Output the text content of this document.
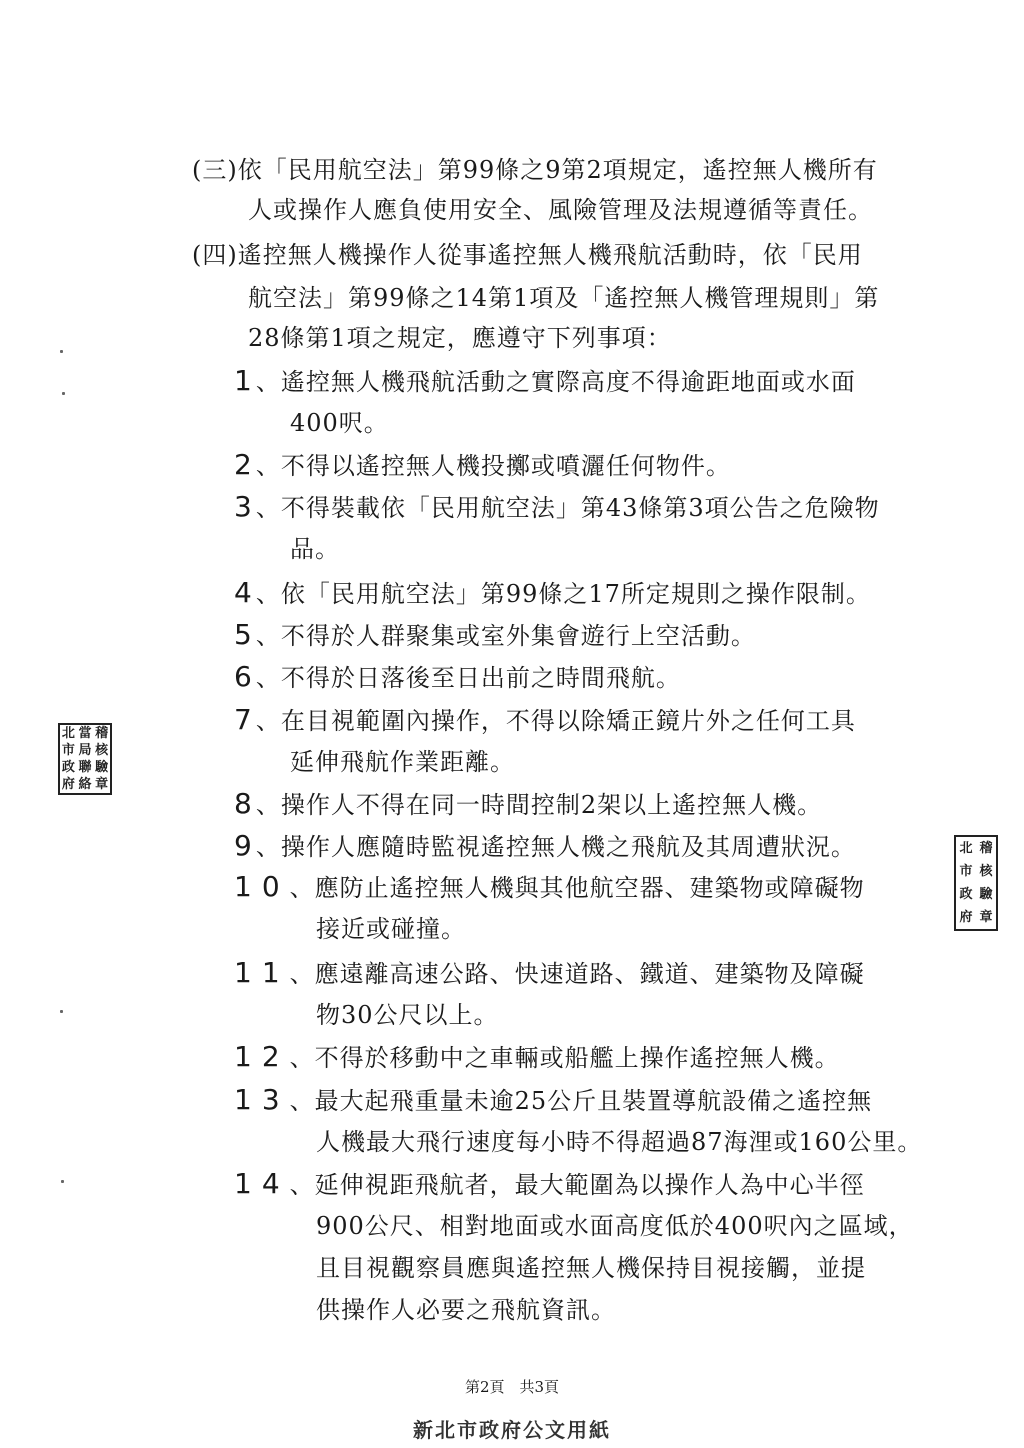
(三)依「民用航空法」第99條之9第2項規定，遙控無人機所有
人或操作人應負使用安全、風險管理及法規遵循等責任。
(四)遙控無人機操作人從事遙控無人機飛航活動時，依「民用
航空法」第99條之14第1項及「遙控無人機管理規則」第
28條第1項之規定，應遵守下列事項：
1、遙控無人機飛航活動之實際高度不得逾距地面或水面
400呎。
2、不得以遙控無人機投擲或噴灑任何物件。
3、不得裝載依「民用航空法」第43條第3項公告之危險物
品。
4、依「民用航空法」第99條之17所定規則之操作限制。
5、不得於人群聚集或室外集會遊行上空活動。
6、不得於日落後至日出前之時間飛航。
7、在目視範圍內操作，不得以除矯正鏡片外之任何工具
延伸飛航作業距離。
8、操作人不得在同一時間控制2架以上遙控無人機。
9、操作人應隨時監視遙控無人機之飛航及其周遭狀況。
10、應防止遙控無人機與其他航空器、建築物或障礙物
接近或碰撞。
11、應遠離高速公路、快速道路、鐵道、建築物及障礙
物30公尺以上。
12、不得於移動中之車輛或船艦上操作遙控無人機。
13、最大起飛重量未逾25公斤且裝置導航設備之遙控無
人機最大飛行速度每小時不得超過87海浬或160公里。
14、延伸視距飛航者，最大範圍為以操作人為中心半徑
900公尺、相對地面或水面高度低於400呎內之區域，
且目視觀察員應與遙控無人機保持目視接觸，並提
供操作人必要之飛航資訊。
北 當 稽
市 局 核
政 聯 驗
府 絡 章
北 稽
市 核
政 驗
府 章
第2頁　共3頁
新北市政府公文用紙
